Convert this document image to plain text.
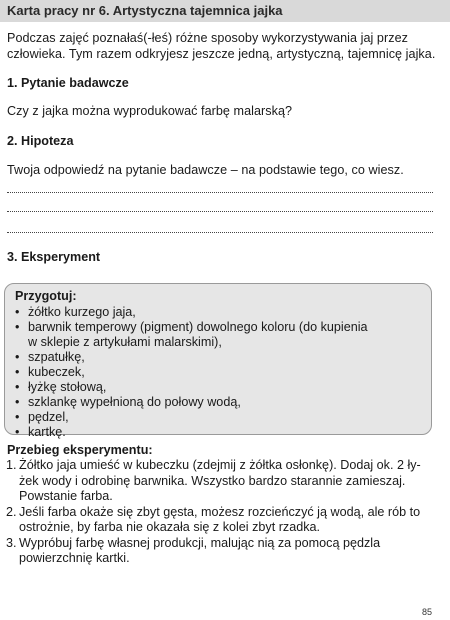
Karta pracy nr 6. Artystyczna tajemnica jajka
Podczas zajęć poznałaś(-łeś) różne sposoby wykorzystywania jaj przez
człowieka. Tym razem odkryjesz jeszcze jedną, artystyczną, tajemnicę jajka.
1. Pytanie badawcze
Czy z jajka można wyprodukować farbę malarską?
2. Hipoteza
Twoja odpowiedź na pytanie badawcze – na podstawie tego, co wiesz.
3. Eksperyment
Przygotuj:
• żółtko kurzego jaja,
• barwnik temperowy (pigment) dowolnego koloru (do kupienia
w sklepie z artykułami malarskimi),
• szpatułkę,
• kubeczek,
• łyżkę stołową,
• szklankę wypełnioną do połowy wodą,
• pędzel,
• kartkę.
Przebieg eksperymentu:
1. Żółtko jaja umieść w kubeczku (zdejmij z żółtka osłonkę). Dodaj ok. 2 ły-
żek wody i odrobinę barwnika. Wszystko bardzo starannie zamieszaj.
Powstanie farba.
2. Jeśli farba okaże się zbyt gęsta, możesz rozcieńczyć ją wodą, ale rób to
ostrożnie, by farba nie okazała się z kolei zbyt rzadka.
3. Wypróbuj farbę własnej produkcji, malując nią za pomocą pędzla
powierzchnię kartki.
85
